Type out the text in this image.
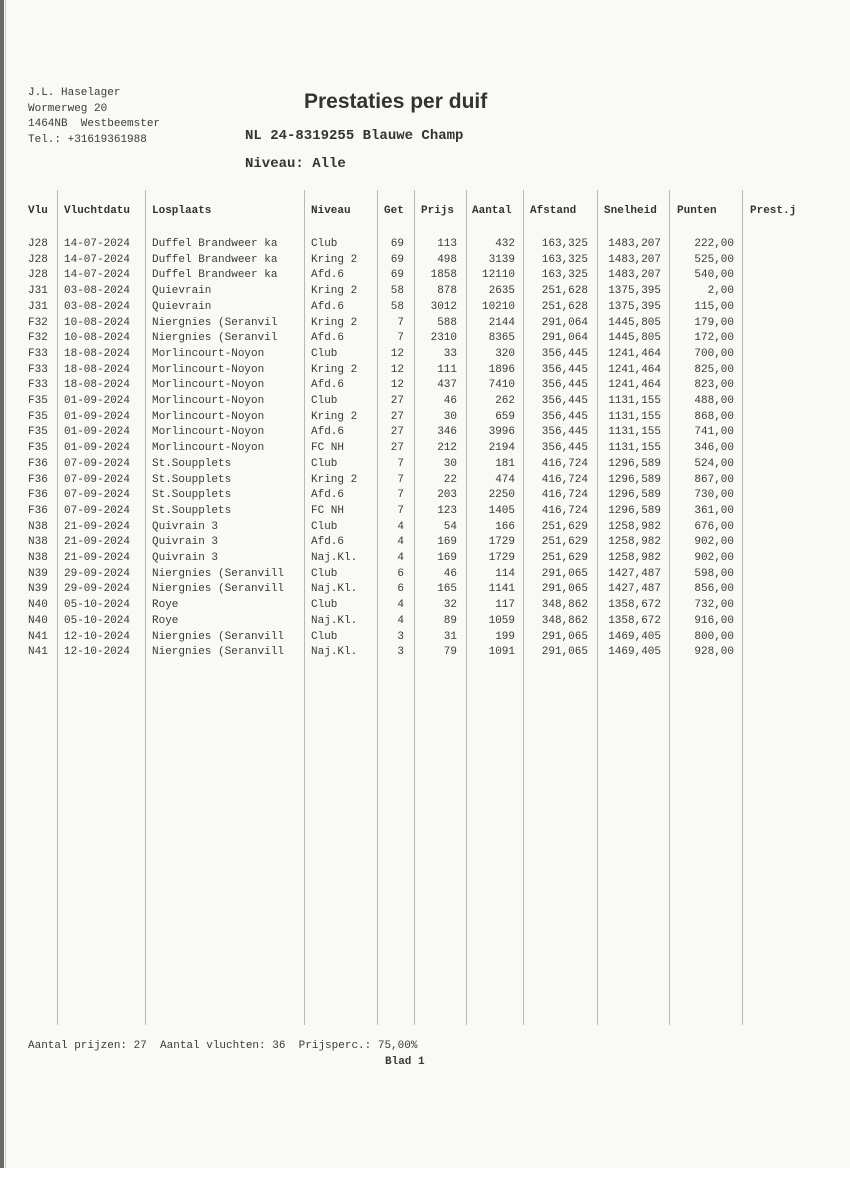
J.L. Haselager
Wormerweg 20
1464NB  Westbeemster
Tel.: +31619361988
Prestaties per duif
NL 24-8319255 Blauwe Champ
Niveau: Alle
Vlu Vluchtdatu Losplaats	Niveau	Get Prijs Aantal Afstand	Snelheid Punten	Prest.j
J28 14-07-2024 Duffel Brandweer ka	Club	69	113	432 163,325 1483,207	222,00
J28 14-07-2024 Duffel Brandweer ka	Kring 2	69	498	3139 163,325 1483,207	525,00
J28 14-07-2024 Duffel Brandweer ka	Afd.6	69 1858 12110 163,325 1483,207	540,00
J31 03-08-2024 Quievrain	Kring 2	58	878	2635 251,628 1375,395	2,00
J31 03-08-2024 Quievrain	Afd.6	58 3012 10210 251,628 1375,395	115,00
F32 10-08-2024 Niergnies (Seranvil	Kring 2	7	588	2144 291,064 1445,805	179,00
F32 10-08-2024 Niergnies (Seranvil	Afd.6	7 2310	8365 291,064 1445,805	172,00
F33 18-08-2024 Morlincourt-Noyon	Club	12	33	320 356,445 1241,464	700,00
F33 18-08-2024 Morlincourt-Noyon	Kring 2	12	111	1896 356,445 1241,464	825,00
F33 18-08-2024 Morlincourt-Noyon	Afd.6	12	437	7410 356,445 1241,464	823,00
F35 01-09-2024 Morlincourt-Noyon	Club	27	46	262 356,445 1131,155	488,00
F35 01-09-2024 Morlincourt-Noyon	Kring 2	27	30	659 356,445 1131,155	868,00
F35 01-09-2024 Morlincourt-Noyon	Afd.6	27	346	3996 356,445 1131,155	741,00
F35 01-09-2024 Morlincourt-Noyon	FC NH	27	212	2194 356,445 1131,155	346,00
F36 07-09-2024 St.Soupplets	Club	7	30	181 416,724 1296,589	524,00
F36 07-09-2024 St.Soupplets	Kring 2	7	22	474 416,724 1296,589	867,00
F36 07-09-2024 St.Soupplets	Afd.6	7	203	2250 416,724 1296,589	730,00
F36 07-09-2024 St.Soupplets	FC NH	7	123	1405 416,724 1296,589	361,00
N38 21-09-2024 Quivrain 3	Club	4	54	166 251,629 1258,982	676,00
N38 21-09-2024 Quivrain 3	Afd.6	4	169	1729 251,629 1258,982	902,00
N38 21-09-2024 Quivrain 3	Naj.Kl.	4	169	1729 251,629 1258,982	902,00
N39 29-09-2024 Niergnies (Seranvill Club	6	46	114 291,065 1427,487	598,00
N39 29-09-2024 Niergnies (Seranvill Naj.Kl.	6	165	1141 291,065 1427,487	856,00
N40 05-10-2024 Roye	Club	4	32	117 348,862 1358,672	732,00
N40 05-10-2024 Roye	Naj.Kl.	4	89	1059 348,862 1358,672	916,00
N41 12-10-2024 Niergnies (Seranvill Club	3	31	199 291,065 1469,405	800,00
N41 12-10-2024 Niergnies (Seranvill Naj.Kl.	3	79	1091 291,065 1469,405	928,00
Aantal prijzen: 27  Aantal vluchten: 36  Prijsperc.: 75,00%
Blad 1
